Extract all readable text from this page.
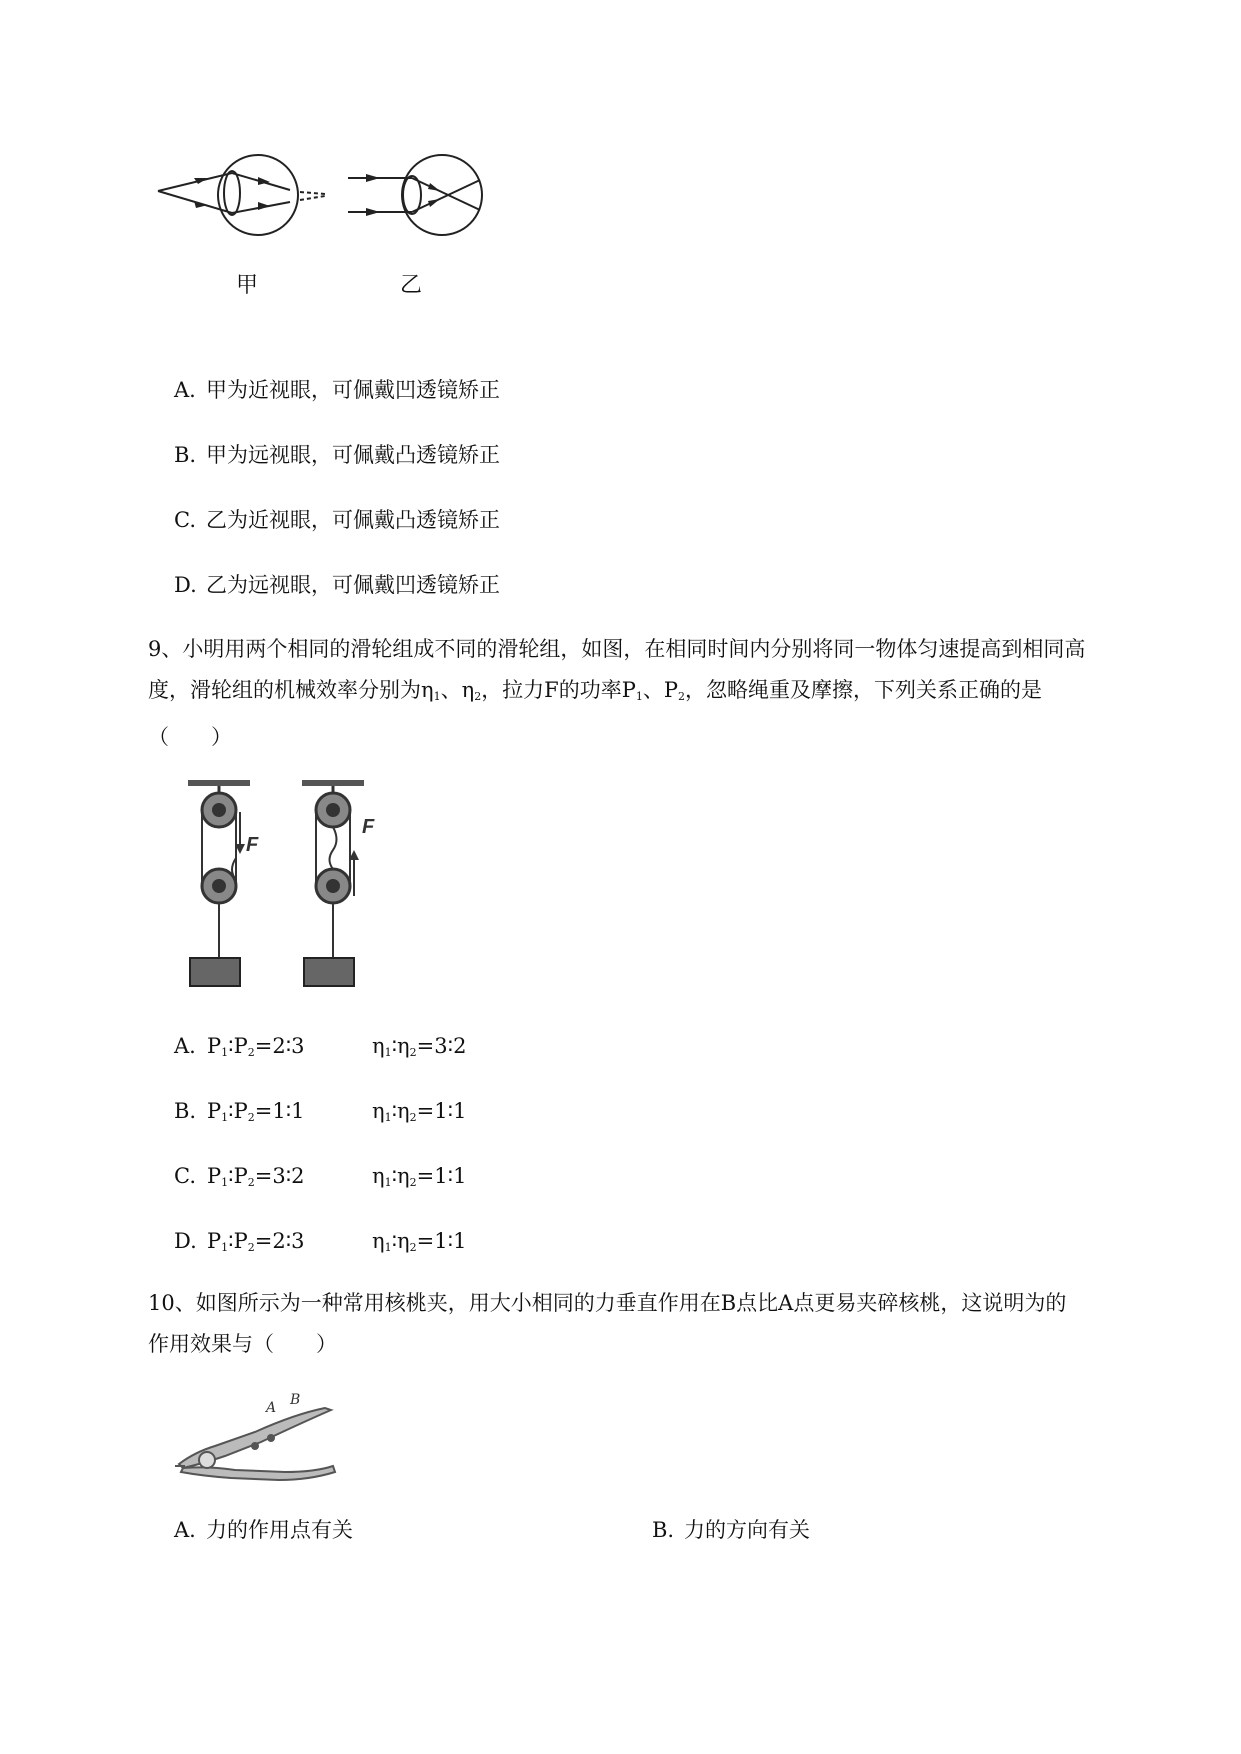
甲	乙
A. 甲为近视眼，可佩戴凹透镜矫正
B. 甲为远视眼，可佩戴凸透镜矫正
C. 乙为近视眼，可佩戴凸透镜矫正
D. 乙为远视眼，可佩戴凹透镜矫正
9、小明用两个相同的滑轮组成不同的滑轮组，如图，在相同时间内分别将同一物体匀速提高到相同高
度，滑轮组的机械效率分别为$\eta_1$、$\eta_2$，拉力F的功率$P_1$、$P_2$，忽略绳重及摩擦，下列关系正确的是
（　　）
F
F
A. $P_1∶P_2=2∶3$	$\eta_1∶\eta_2=3∶2$
B. $P_1∶P_2=1∶1$	$\eta_1∶\eta_2=1∶1$
C. $P_1∶P_2=3∶2$	$\eta_1∶\eta_2=1∶1$
D. $P_1∶P_2=2∶3$	$\eta_1∶\eta_2=1∶1$
10、如图所示为一种常用核桃夹，用大小相同的力垂直作用在B点比A点更易夹碎核桃，这说明为的
作用效果与（　　）
A B
A. 力的作用点有关	B. 力的方向有关
